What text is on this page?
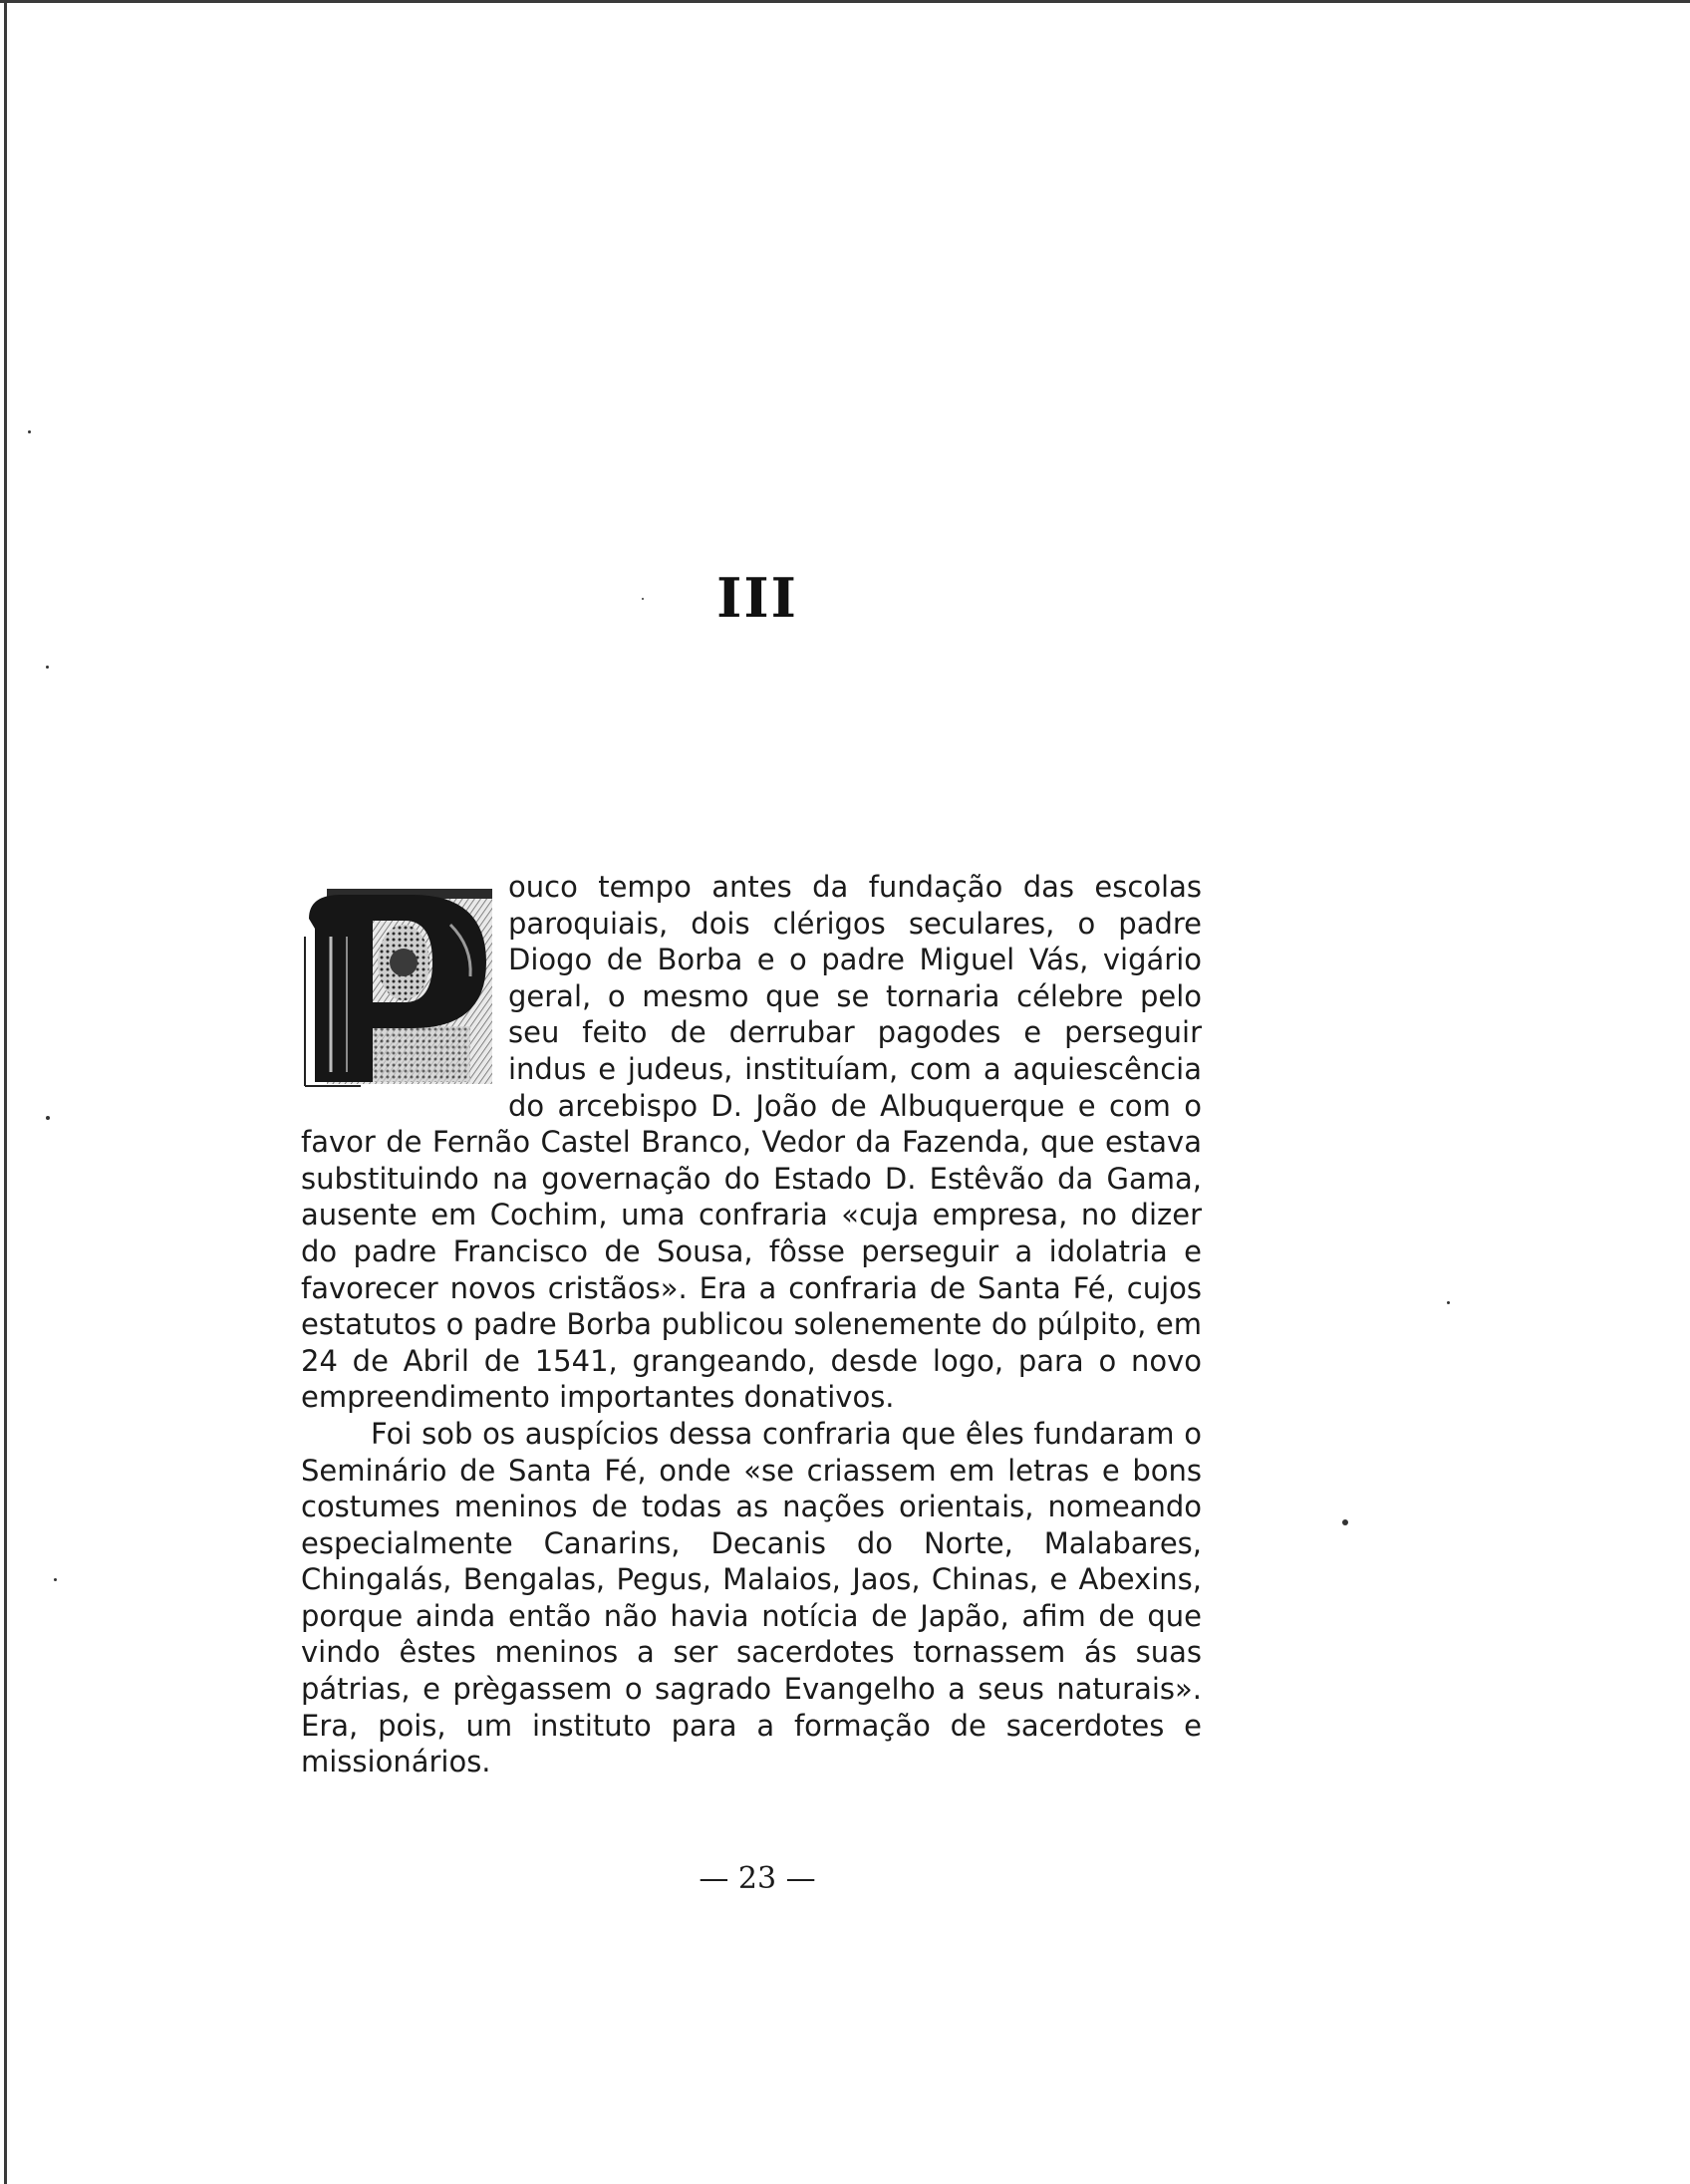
III

ouco tempo antes da fundação das escolas paroquiais, dois clérigos seculares, o padre Diogo de Borba e o padre Miguel Vás, vigário geral, o mesmo que se tornaria célebre pelo seu feito de derrubar pagodes e perseguir indus e judeus, instituíam, com a aquiescência do arcebispo D. João de Albuquerque e com o favor de Fernão Castel Branco, Vedor da Fazenda, que estava substituindo na governação do Estado D. Estêvão da Gama, ausente em Cochim, uma confraria «cuja empresa, no dizer do padre Francisco de Sousa, fôsse perseguir a idolatria e favorecer novos cristãos». Era a confraria de Santa Fé, cujos estatutos o padre Borba publicou solenemente do púlpito, em 24 de Abril de 1541, grangeando, desde logo, para o novo empreendimento importantes donativos.

Foi sob os auspícios dessa confraria que êles fundaram o Seminário de Santa Fé, onde «se criassem em letras e bons costumes meninos de todas as nações orientais, nomeando especialmente Canarins, Decanis do Norte, Malabares, Chingalás, Bengalas, Pegus, Malaios, Jaos, Chinas, e Abexins, porque ainda então não havia notícia de Japão, afim de que vindo êstes meninos a ser sacerdotes tornassem ás suas pátrias, e prègassem o sagrado Evangelho a seus naturais». Era, pois, um instituto para a formação de sacerdotes e missionários.

— 23 —
